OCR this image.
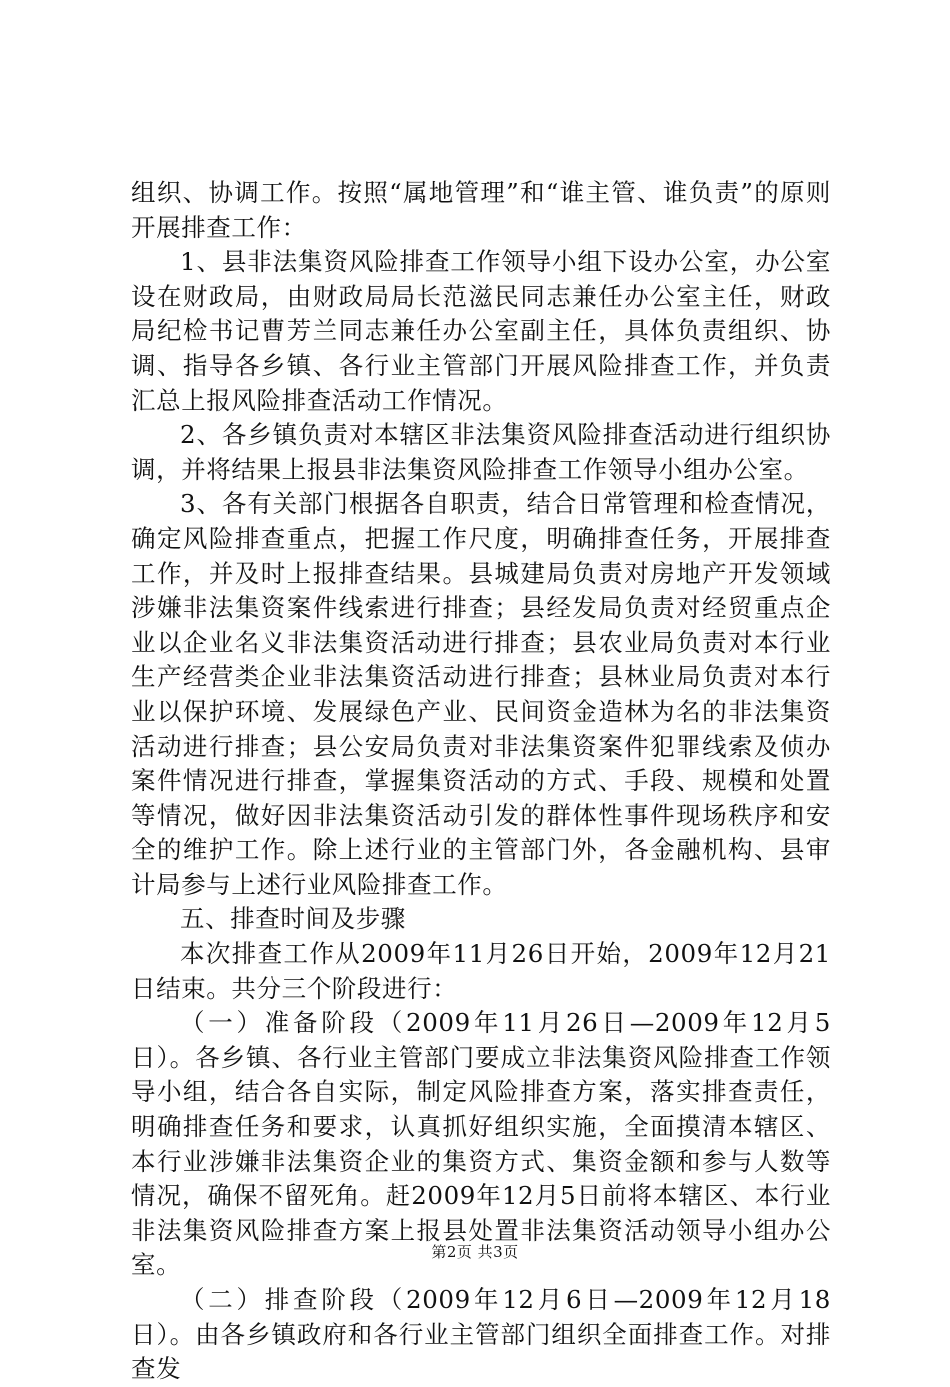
组织、协调工作。按照“属地管理”和“谁主管、谁负责”的原则开展排查工作：

1、县非法集资风险排查工作领导小组下设办公室，办公室设在财政局，由财政局局长范滋民同志兼任办公室主任，财政局纪检书记曹芳兰同志兼任办公室副主任，具体负责组织、协调、指导各乡镇、各行业主管部门开展风险排查工作，并负责汇总上报风险排查活动工作情况。

2、各乡镇负责对本辖区非法集资风险排查活动进行组织协调，并将结果上报县非法集资风险排查工作领导小组办公室。

3、各有关部门根据各自职责，结合日常管理和检查情况，确定风险排查重点，把握工作尺度，明确排查任务，开展排查工作，并及时上报排查结果。县城建局负责对房地产开发领域涉嫌非法集资案件线索进行排查；县经发局负责对经贸重点企业以企业名义非法集资活动进行排查；县农业局负责对本行业生产经营类企业非法集资活动进行排查；县林业局负责对本行业以保护环境、发展绿色产业、民间资金造林为名的非法集资活动进行排查；县公安局负责对非法集资案件犯罪线索及侦办案件情况进行排查，掌握集资活动的方式、手段、规模和处置等情况，做好因非法集资活动引发的群体性事件现场秩序和安全的维护工作。除上述行业的主管部门外，各金融机构、县审计局参与上述行业风险排查工作。

五、排查时间及步骤

本次排查工作从2009年11月26日开始，2009年12月21日结束。共分三个阶段进行：

（一）准备阶段（2009年11月26日—2009年12月5日）。各乡镇、各行业主管部门要成立非法集资风险排查工作领导小组，结合各自实际，制定风险排查方案，落实排查责任，明确排查任务和要求，认真抓好组织实施，全面摸清本辖区、本行业涉嫌非法集资企业的集资方式、集资金额和参与人数等情况，确保不留死角。赶2009年12月5日前将本辖区、本行业非法集资风险排查方案上报县处置非法集资活动领导小组办公室。

（二）排查阶段（2009年12月6日—2009年12月18日）。由各乡镇政府和各行业主管部门组织全面排查工作。对排查发

第2页 共3页
